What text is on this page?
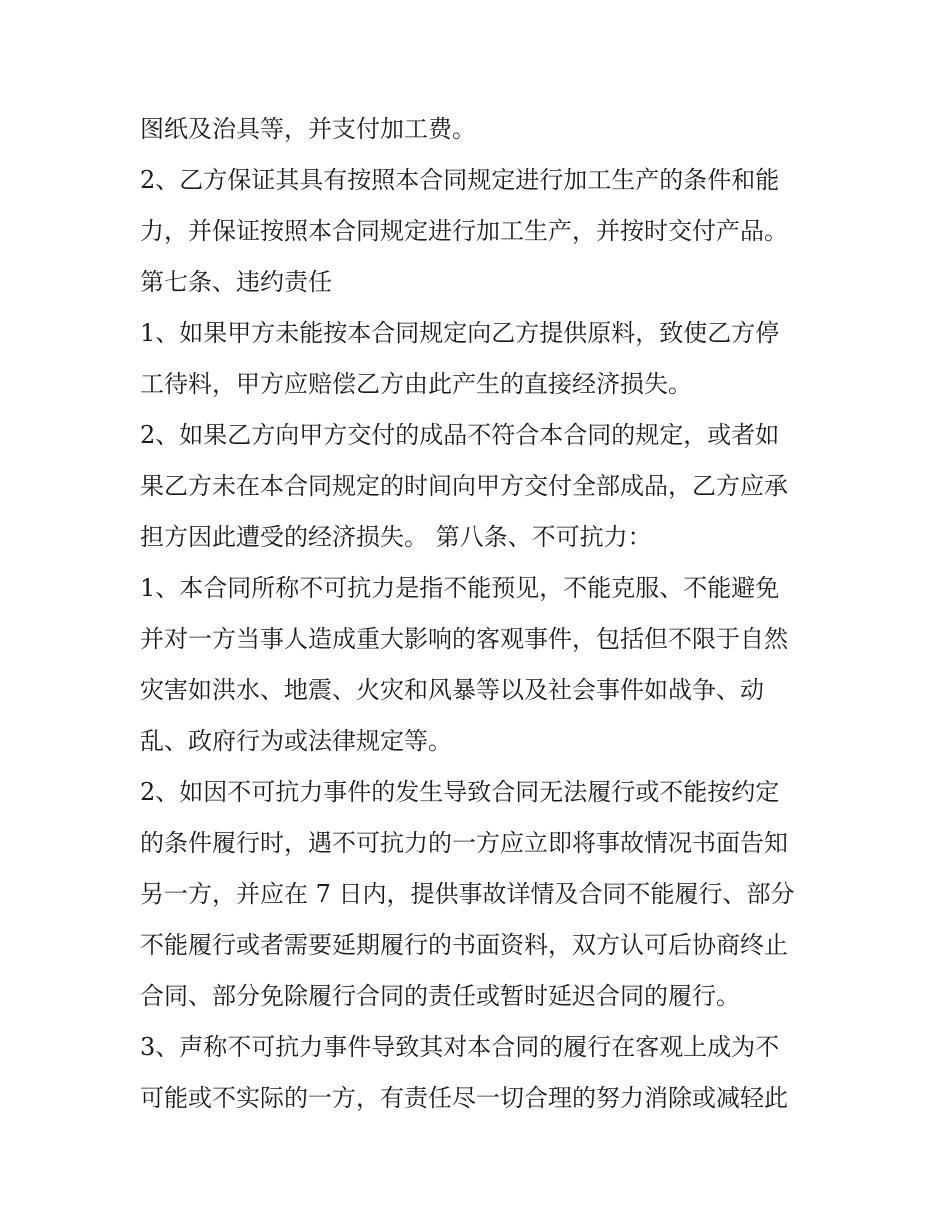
图纸及治具等，并支付加工费。
2、乙方保证其具有按照本合同规定进行加工生产的条件和能
力，并保证按照本合同规定进行加工生产，并按时交付产品。
第七条、违约责任
1、如果甲方未能按本合同规定向乙方提供原料，致使乙方停
工待料，甲方应赔偿乙方由此产生的直接经济损失。
2、如果乙方向甲方交付的成品不符合本合同的规定，或者如
果乙方未在本合同规定的时间向甲方交付全部成品，乙方应承
担方因此遭受的经济损失。 第八条、不可抗力：
1、本合同所称不可抗力是指不能预见，不能克服、不能避免
并对一方当事人造成重大影响的客观事件，包括但不限于自然
灾害如洪水、地震、火灾和风暴等以及社会事件如战争、动
乱、政府行为或法律规定等。
2、如因不可抗力事件的发生导致合同无法履行或不能按约定
的条件履行时，遇不可抗力的一方应立即将事故情况书面告知
另一方，并应在 7 日内，提供事故详情及合同不能履行、部分
不能履行或者需要延期履行的书面资料，双方认可后协商终止
合同、部分免除履行合同的责任或暂时延迟合同的履行。
3、声称不可抗力事件导致其对本合同的履行在客观上成为不
可能或不实际的一方，有责任尽一切合理的努力消除或减轻此
